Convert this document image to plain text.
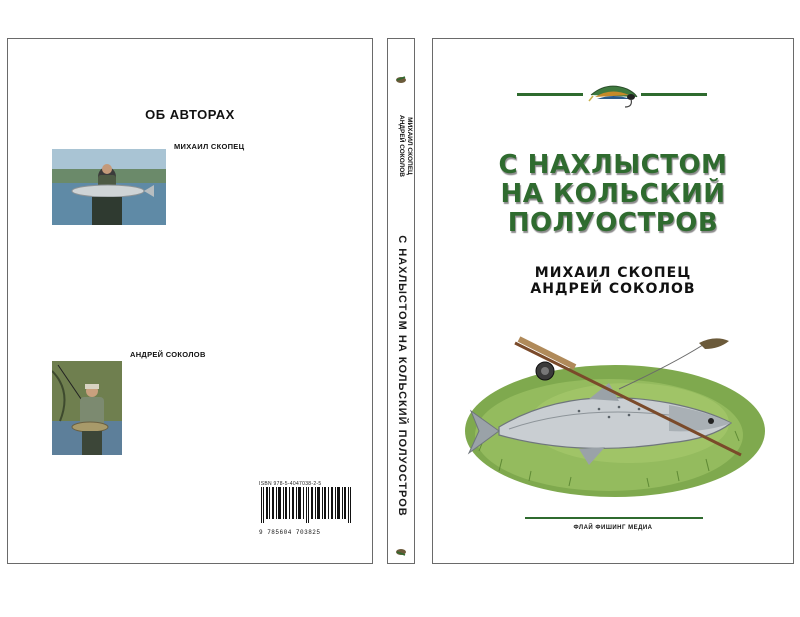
ОБ АВТОРАХ
МИХАИЛ СКОПЕЦ
АНДРЕЙ СОКОЛОВ
ISBN 978-5-4047038-2-5
9 785604 703825
МИХАИЛ СКОПЕЦ
АНДРЕЙ СОКОЛОВ
С НАХЛЫСТОМ НА КОЛЬСКИЙ ПОЛУОСТРОВ
С НАХЛЫСТОМ
НА КОЛЬСКИЙ
ПОЛУОСТРОВ
МИХАИЛ СКОПЕЦ
АНДРЕЙ СОКОЛОВ
ФЛАЙ ФИШИНГ МЕДИА
